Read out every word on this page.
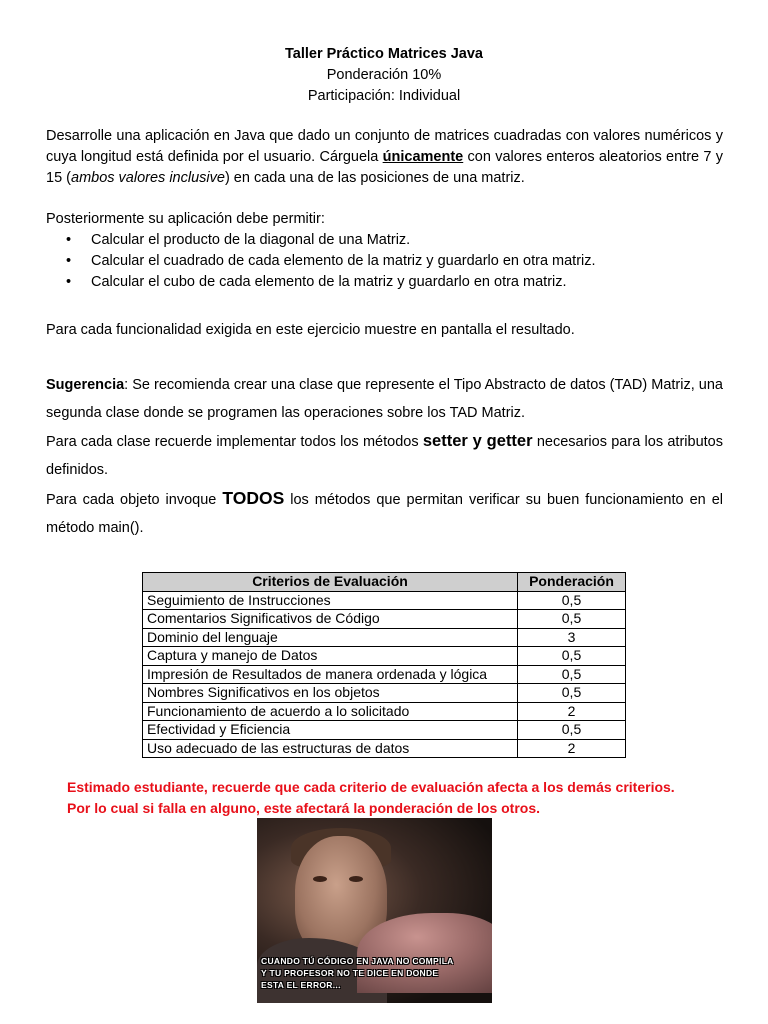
Taller Práctico Matrices Java
Ponderación 10%
Participación: Individual
Desarrolle una aplicación en Java que dado un conjunto de matrices cuadradas con valores numéricos y cuya longitud está definida por el usuario. Cárguela únicamente con valores enteros aleatorios entre 7 y 15 (ambos valores inclusive) en cada una de las posiciones de una matriz.
Posteriormente su aplicación debe permitir:
• Calcular el producto de la diagonal de una Matriz.
• Calcular el cuadrado de cada elemento de la matriz y guardarlo en otra matriz.
• Calcular el cubo de cada elemento de la matriz y guardarlo en otra matriz.
Para cada funcionalidad exigida en este ejercicio muestre en pantalla el resultado.

Sugerencia: Se recomienda crear una clase que represente el Tipo Abstracto de datos (TAD) Matriz, una segunda clase donde se programen las operaciones sobre los TAD Matriz.

Para cada clase recuerde implementar todos los métodos setter y getter necesarios para los atributos definidos.

Para cada objeto invoque TODOS los métodos que permitan verificar su buen funcionamiento en el método main().

Criterios de Evaluación	Ponderación
Seguimiento de Instrucciones	0,5
Comentarios Significativos de Código	0,5
Dominio del lenguaje	3
Captura y manejo de Datos	0,5
Impresión de Resultados de manera ordenada y lógica	0,5
Nombres Significativos en los objetos	0,5
Funcionamiento de acuerdo a lo solicitado	2
Efectividad y Eficiencia	0,5
Uso adecuado de las estructuras de datos	2
Estimado estudiante, recuerde que cada criterio de evaluación afecta a los demás criterios.
Por lo cual si falla en alguno, este afectará la ponderación de los otros.
CUANDO TÚ CÓDIGO EN JAVA NO COMPILA
Y TU PROFESOR NO TE DICE EN DONDE
ESTA EL ERROR...
